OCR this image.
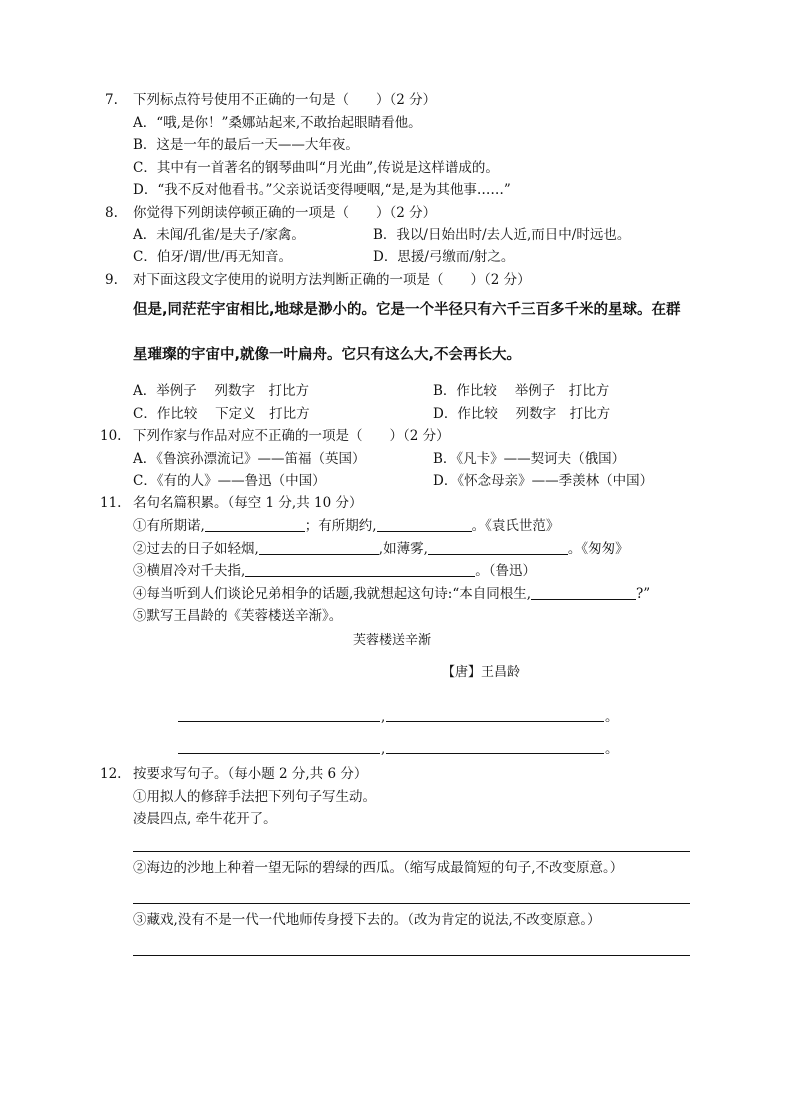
7. 下列标点符号使用不正确的一句是（　　）（2 分）
A．“哦,是你！”桑娜站起来,不敢抬起眼睛看他。
B．这是一年的最后一天——大年夜。
C．其中有一首著名的钢琴曲叫“月光曲”,传说是这样谱成的。
D．“我不反对他看书。”父亲说话变得哽咽,“是,是为其他事……”
8. 你觉得下列朗读停顿正确的一项是（　　）（2 分）
A．未闻/孔雀/是夫子/家禽。	B．我以/日始出时/去人近,而日中/时远也。
C．伯牙/谓/世/再无知音。	D．思援/弓缴而/射之。
9. 对下面这段文字使用的说明方法判断正确的一项是（　　）（2 分）
但是,同茫茫宇宙相比,地球是渺小的。它是一个半径只有六千三百多千米的星球。在群
星璀璨的宇宙中,就像一叶扁舟。它只有这么大,不会再长大。
A．举例子　 列数字　打比方	B．作比较　 举例子　打比方
C．作比较　 下定义　打比方	D．作比较　 列数字　打比方
10. 下列作家与作品对应不正确的一项是（　　）（2 分）
A．《鲁滨孙漂流记》——笛福（英国）	B．《凡卡》——契诃夫（俄国）
C．《有的人》——鲁迅（中国）	D．《怀念母亲》——季羡林（中国）
11. 名句名篇积累。（每空 1 分,共 10 分）
①有所期诺,	；有所期约,	。《袁氏世范》
②过去的日子如轻烟,	,如薄雾,	。《匆匆》
③横眉冷对千夫指,	。（鲁迅）
④每当听到人们谈论兄弟相争的话题,我就想起这句诗:“本自同根生,	?”
⑤默写王昌龄的《芙蓉楼送辛渐》。
芙蓉楼送辛渐
【唐】王昌龄
,	。
,	。
12. 按要求写句子。（每小题 2 分,共 6 分）
①用拟人的修辞手法把下列句子写生动。
凌晨四点, 牵牛花开了。
②海边的沙地上种着一望无际的碧绿的西瓜。（缩写成最简短的句子,不改变原意。）
③藏戏,没有不是一代一代地师传身授下去的。（改为肯定的说法,不改变原意。）
